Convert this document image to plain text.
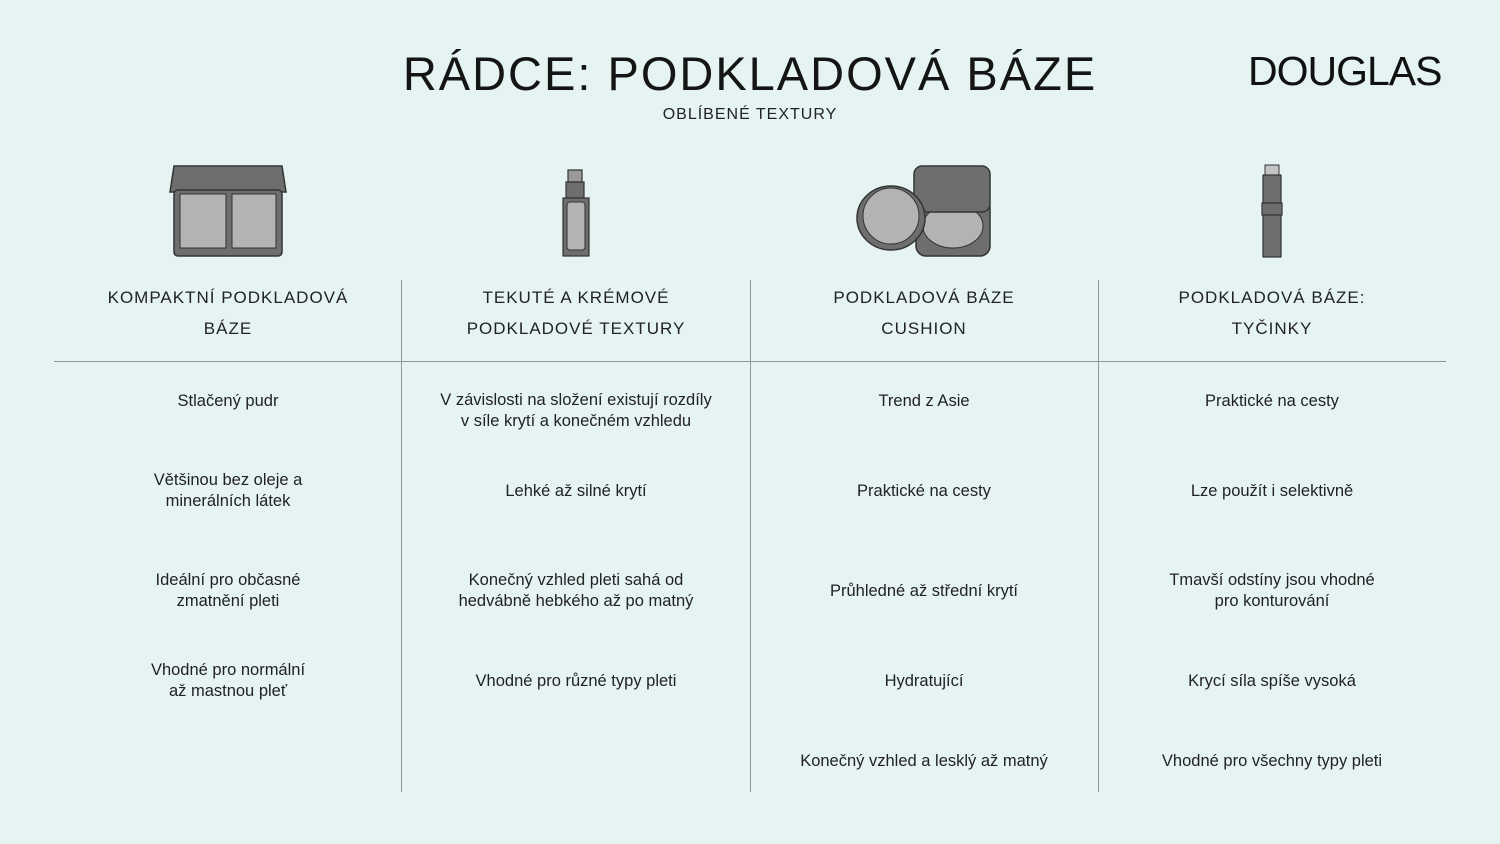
RÁDCE: PODKLADOVÁ BÁZE
OBLÍBENÉ TEXTURY
DOUGLAS
KOMPAKTNÍ PODKLADOVÁ
BÁZE
Stlačený pudr
Většinou bez oleje a
minerálních látek
Ideální pro občasné
zmatnění pleti
Vhodné pro normální
až mastnou pleť
TEKUTÉ A KRÉMOVÉ
PODKLADOVÉ TEXTURY
V závislosti na složení existují rozdíly
v síle krytí a konečném vzhledu
Lehké až silné krytí
Konečný vzhled pleti sahá od
hedvábně hebkého až po matný
Vhodné pro různé typy pleti
PODKLADOVÁ BÁZE
CUSHION
Trend z Asie
Praktické na cesty
Průhledné až střední krytí
Hydratující
Konečný vzhled a lesklý až matný
PODKLADOVÁ BÁZE:
TYČINKY
Praktické na cesty
Lze použít i selektivně
Tmavší odstíny jsou vhodné
pro konturování
Krycí síla spíše vysoká
Vhodné pro všechny typy pleti
